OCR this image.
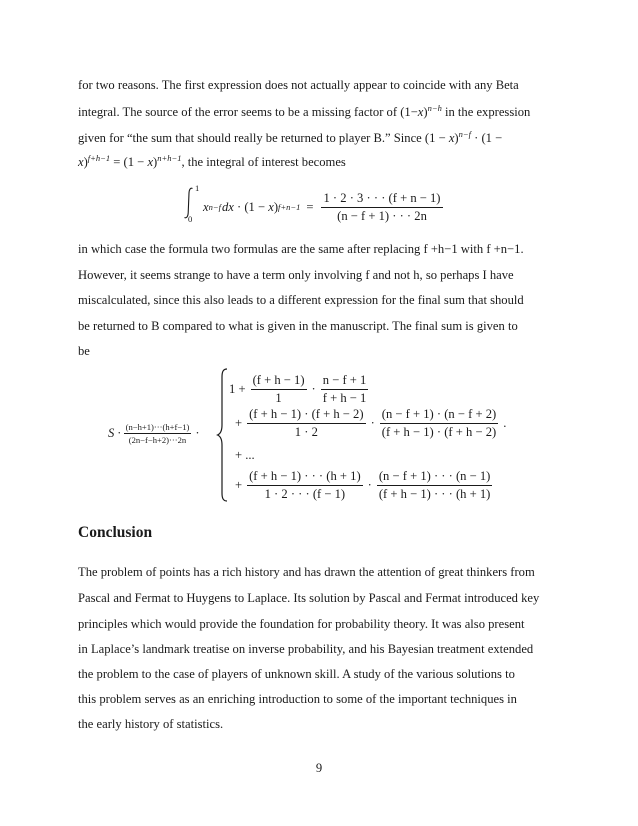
for two reasons. The first expression does not actually appear to coincide with any Beta
integral. The source of the error seems to be a missing factor of $(1-x)^{n-h}$ in the expression
given for “the sum that should really be returned to player B.” Since $(1 - x)^{n-f} \cdot (1$ −
$x)^{f+h-1} = (1 - x)^{n+h-1}$, the integral of interest becomes
1
0
x n−f dx · (1 − x) $f+n-1 = \frac{1 \cdot 2 \cdot 3 \cdot \cdot \cdot (f + n - 1)}{(n - f + 1) \cdot \cdot \cdot 2n}$
in which case the formula two formulas are the same after replacing f +h−1 with f +n−1.
However, it seems strange to have a term only involving f and not h, so perhaps I have
miscalculated, since this also leads to a different expression for the final sum that should
be returned to B compared to what is given in the manuscript. The final sum is given to
be
$S \cdot \frac{(n-h+1)\cdot\cdot\cdot(h+f-1)}{(2n-f-h+2)\cdot\cdot\cdot 2n}$ ·
$1 + \frac{(f + h - 1)}{1} \cdot \frac{n - f + 1}{f + h - 1}$
+ $\frac{(f + h - 1) \cdot (f + h - 2)}{1 \cdot 2} \cdot \frac{(n - f + 1) \cdot (n - f + 2)}{(f + h - 1) \cdot (f + h - 2)}$ .
+ ...
+ $\frac{(f + h - 1) \cdot \cdot \cdot (h + 1)}{1 \cdot 2 \cdot \cdot \cdot (f - 1)} \cdot \frac{(n - f + 1) \cdot \cdot \cdot (n - 1)}{(f + h - 1) \cdot \cdot \cdot (h + 1)}$
Conclusion
The problem of points has a rich history and has drawn the attention of great thinkers from
Pascal and Fermat to Huygens to Laplace. Its solution by Pascal and Fermat introduced key
principles which would provide the foundation for probability theory. It was also present
in Laplace’s landmark treatise on inverse probability, and his Bayesian treatment extended
the problem to the case of players of unknown skill. A study of the various solutions to
this problem serves as an enriching introduction to some of the important techniques in
the early history of statistics.
9
